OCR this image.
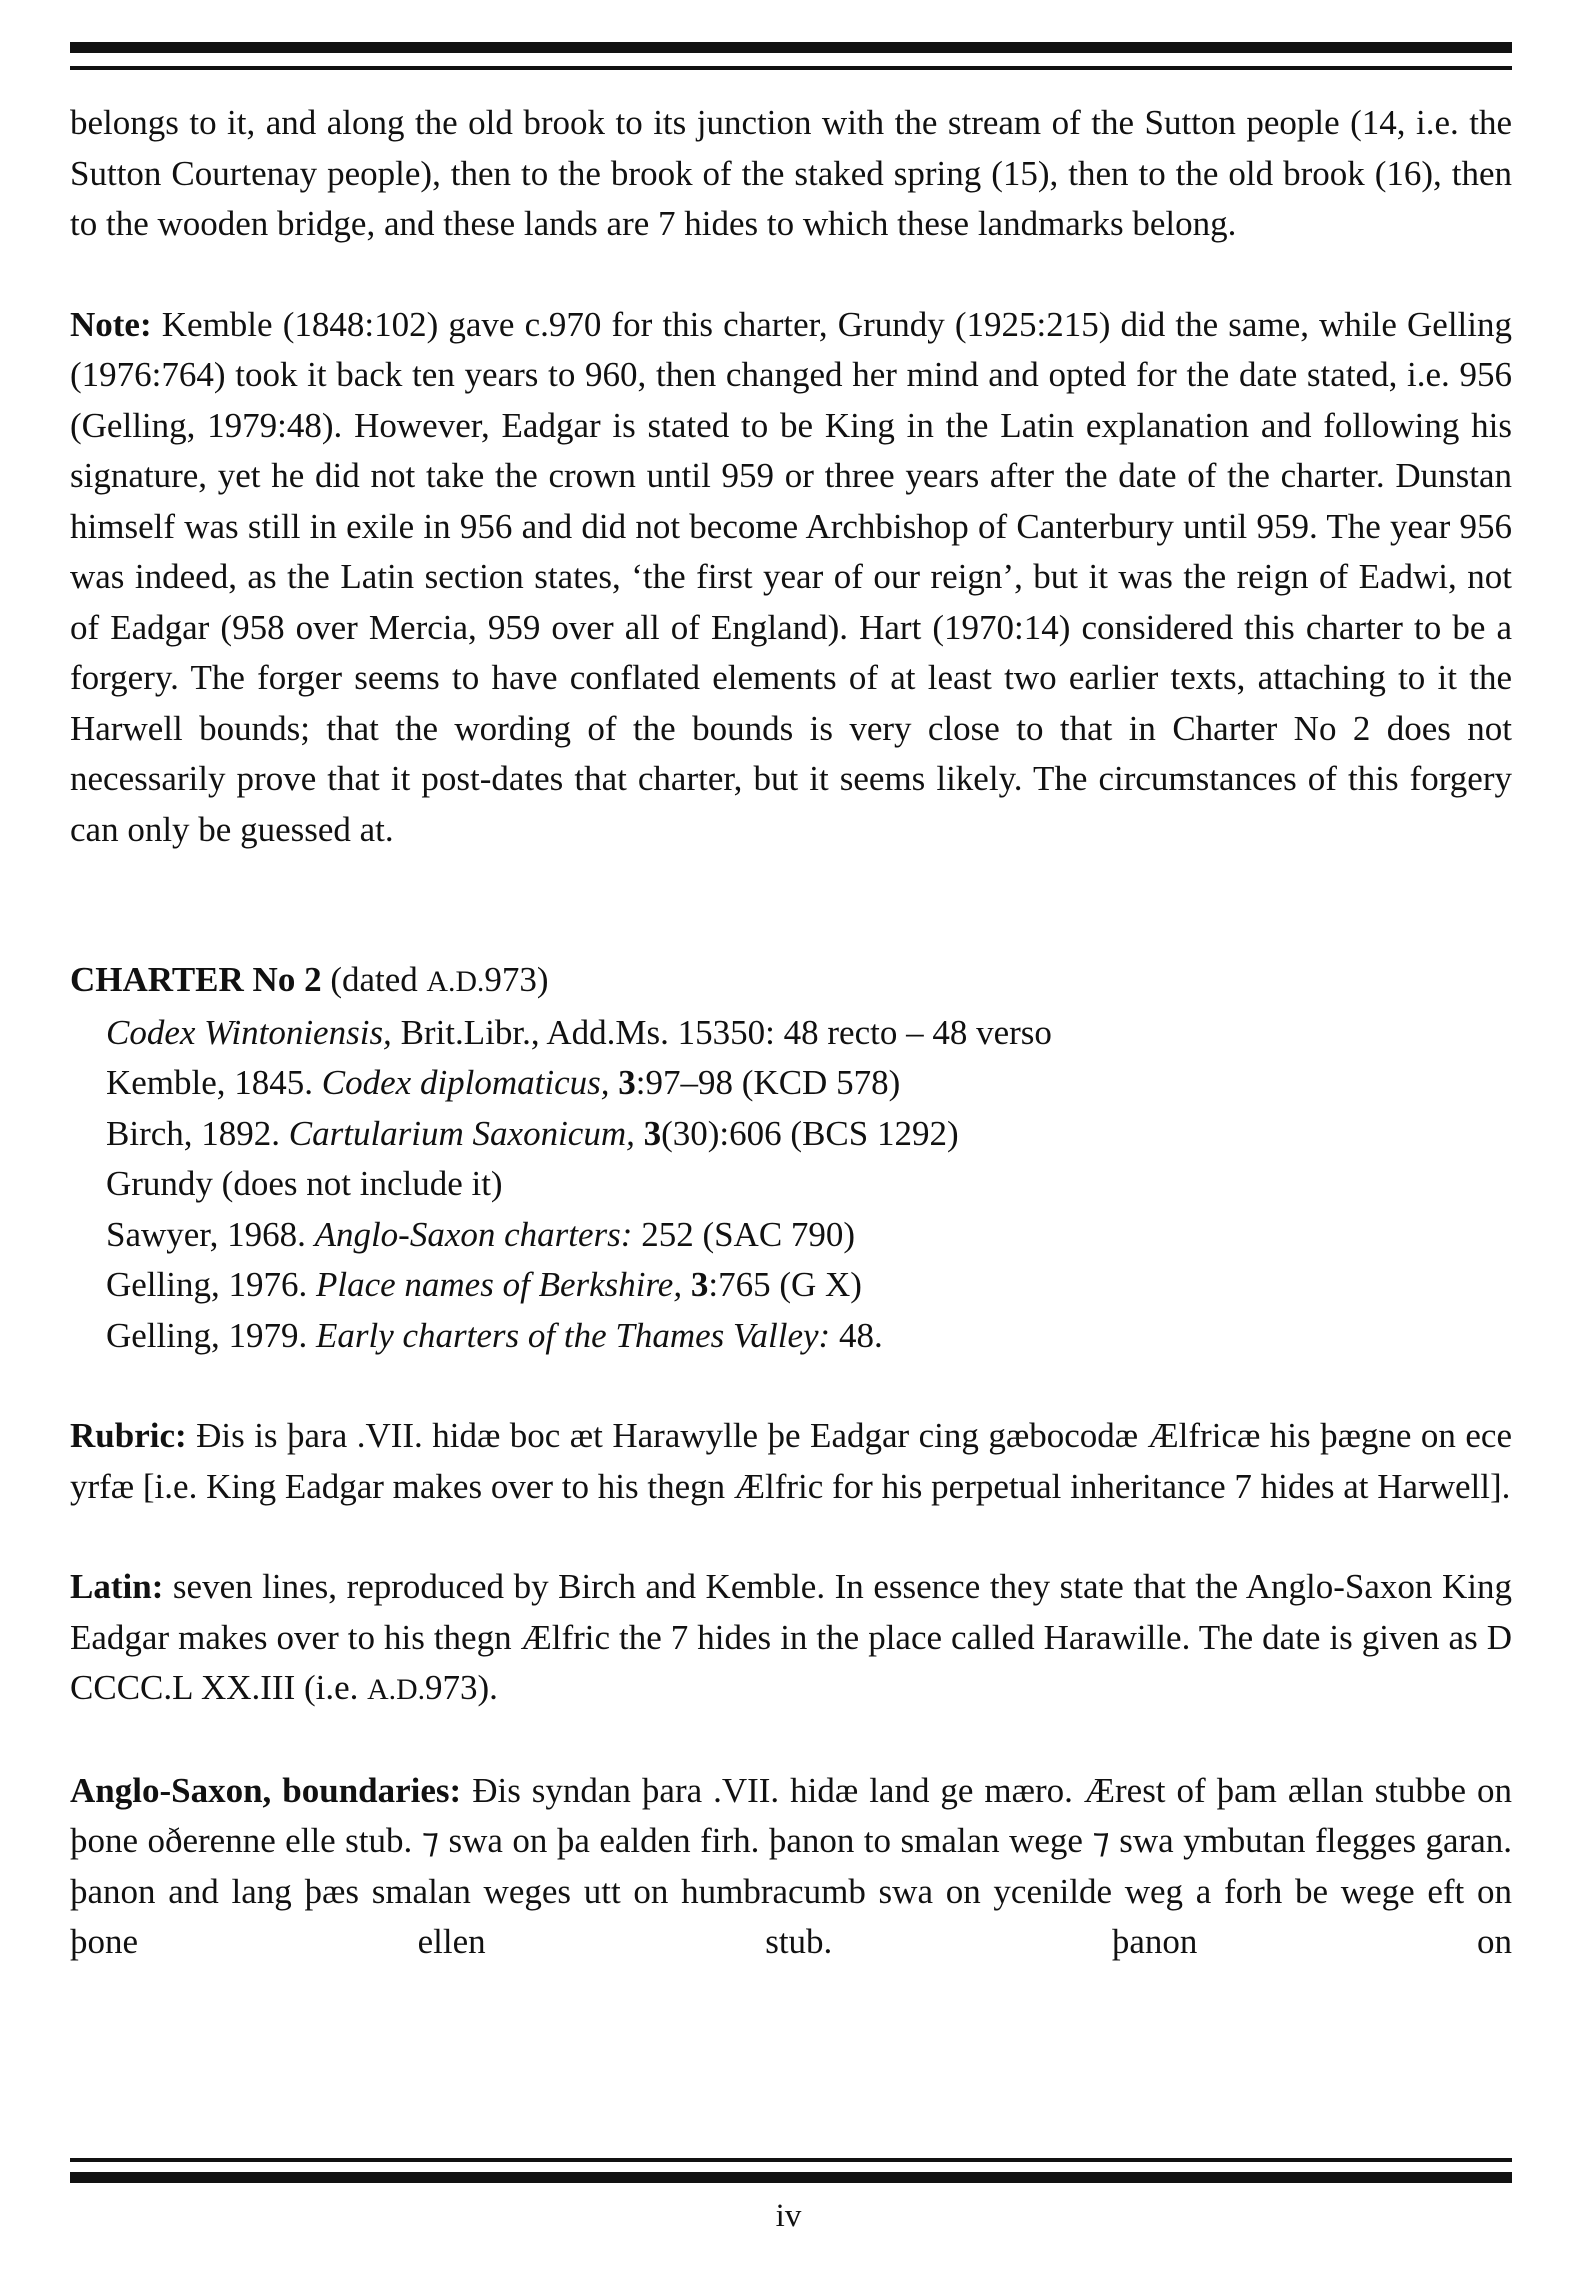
belongs to it, and along the old brook to its junction with the stream of the Sutton people (14, i.e. the Sutton Courtenay people), then to the brook of the staked spring (15), then to the old brook (16), then to the wooden bridge, and these lands are 7 hides to which these landmarks belong.

Note: Kemble (1848:102) gave c.970 for this charter, Grundy (1925:215) did the same, while Gelling (1976:764) took it back ten years to 960, then changed her mind and opted for the date stated, i.e. 956 (Gelling, 1979:48). However, Eadgar is stated to be King in the Latin explanation and following his signature, yet he did not take the crown until 959 or three years after the date of the charter. Dunstan himself was still in exile in 956 and did not become Archbishop of Canterbury until 959. The year 956 was indeed, as the Latin section states, ‘the first year of our reign’, but it was the reign of Eadwi, not of Eadgar (958 over Mercia, 959 over all of England). Hart (1970:14) considered this charter to be a forgery. The forger seems to have conflated elements of at least two earlier texts, attaching to it the Harwell bounds; that the wording of the bounds is very close to that in Charter No 2 does not necessarily prove that it post-dates that charter, but it seems likely. The circumstances of this forgery can only be guessed at.

CHARTER No 2 (dated A.D.973)
Codex Wintoniensis, Brit.Libr., Add.Ms. 15350: 48 recto – 48 verso
Kemble, 1845. Codex diplomaticus, 3:97–98 (KCD 578)
Birch, 1892. Cartularium Saxonicum, 3(30):606 (BCS 1292)
Grundy (does not include it)
Sawyer, 1968. Anglo-Saxon charters: 252 (SAC 790)
Gelling, 1976. Place names of Berkshire, 3:765 (G X)
Gelling, 1979. Early charters of the Thames Valley: 48.

Rubric: Ðis is þara .VII. hidæ boc æt Harawylle þe Eadgar cing gæbocodæ Ælfricæ his þægne on ece yrfæ [i.e. King Eadgar makes over to his thegn Ælfric for his perpetual inheritance 7 hides at Harwell].

Latin: seven lines, reproduced by Birch and Kemble. In essence they state that the Anglo-Saxon King Eadgar makes over to his thegn Ælfric the 7 hides in the place called Harawille. The date is given as D CCCC.L XX.III (i.e. A.D.973).

Anglo-Saxon, boundaries: Ðis syndan þara .VII. hidæ land ge mæro. Ærest of þam ællan stubbe on þone oðerenne elle stub. ⁊ swa on þa ealden firh. þanon to smalan wege ⁊ swa ymbutan flegges garan. þanon and lang þæs smalan weges utt on humbracumb swa on ycenilde weg a forh be wege eft on þone ellen stub. þanon on

iv
